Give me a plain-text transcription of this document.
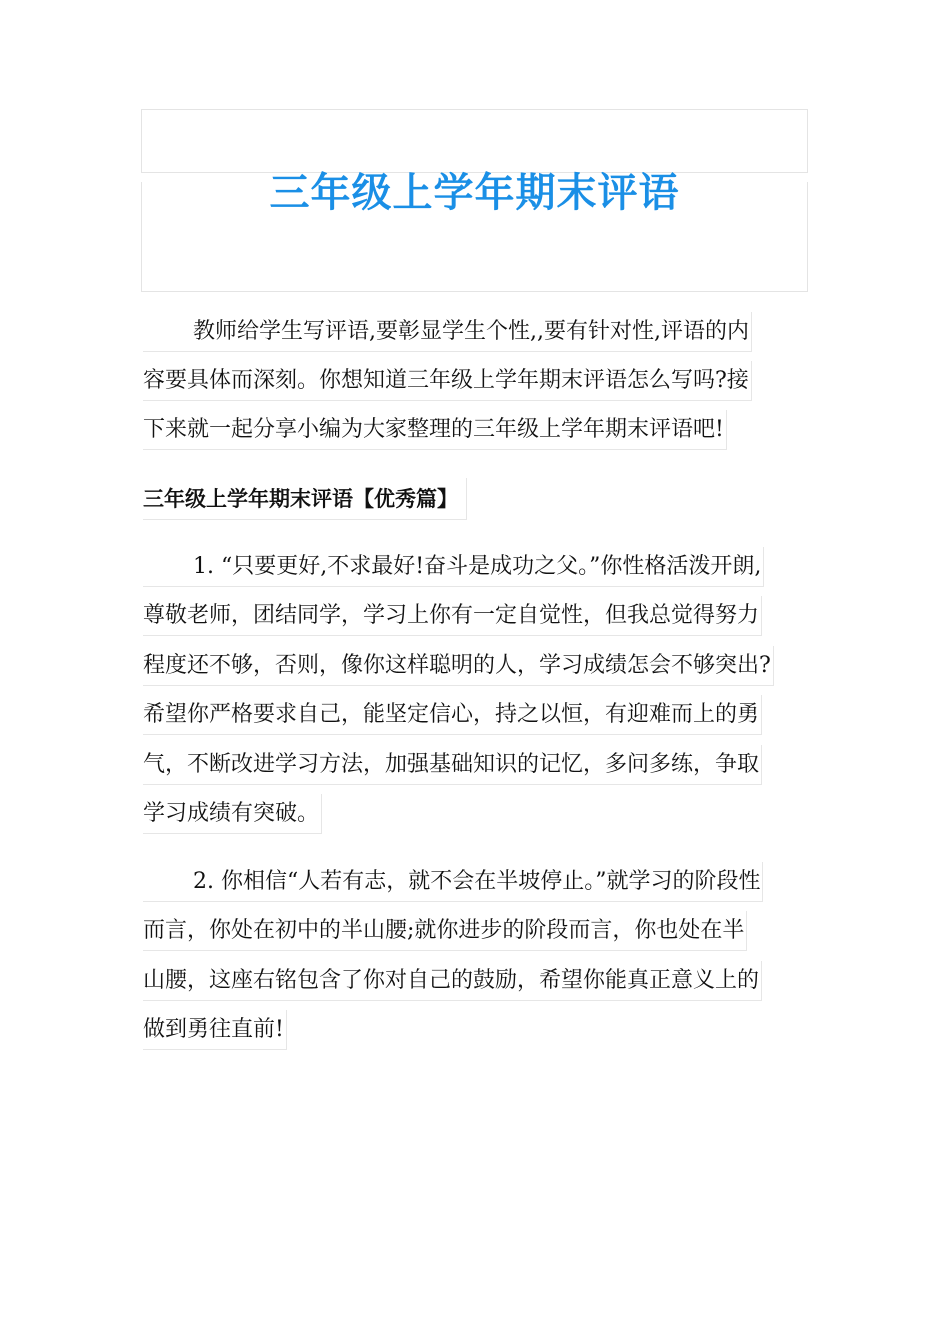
三年级上学年期末评语
教师给学生写评语,要彰显学生个性,,要有针对性,评语的内
容要具体而深刻。你想知道三年级上学年期末评语怎么写吗?接
下来就一起分享小编为大家整理的三年级上学年期末评语吧!
三年级上学年期末评语【优秀篇】
1. “只要更好,不求最好!奋斗是成功之父。”你性格活泼开朗,
尊敬老师，团结同学，学习上你有一定自觉性，但我总觉得努力
程度还不够，否则，像你这样聪明的人，学习成绩怎会不够突出?
希望你严格要求自己，能坚定信心，持之以恒，有迎难而上的勇
气，不断改进学习方法，加强基础知识的记忆，多问多练，争取
学习成绩有突破。
2. 你相信“人若有志，就不会在半坡停止。”就学习的阶段性
而言，你处在初中的半山腰;就你进步的阶段而言，你也处在半
山腰，这座右铭包含了你对自己的鼓励，希望你能真正意义上的
做到勇往直前!
